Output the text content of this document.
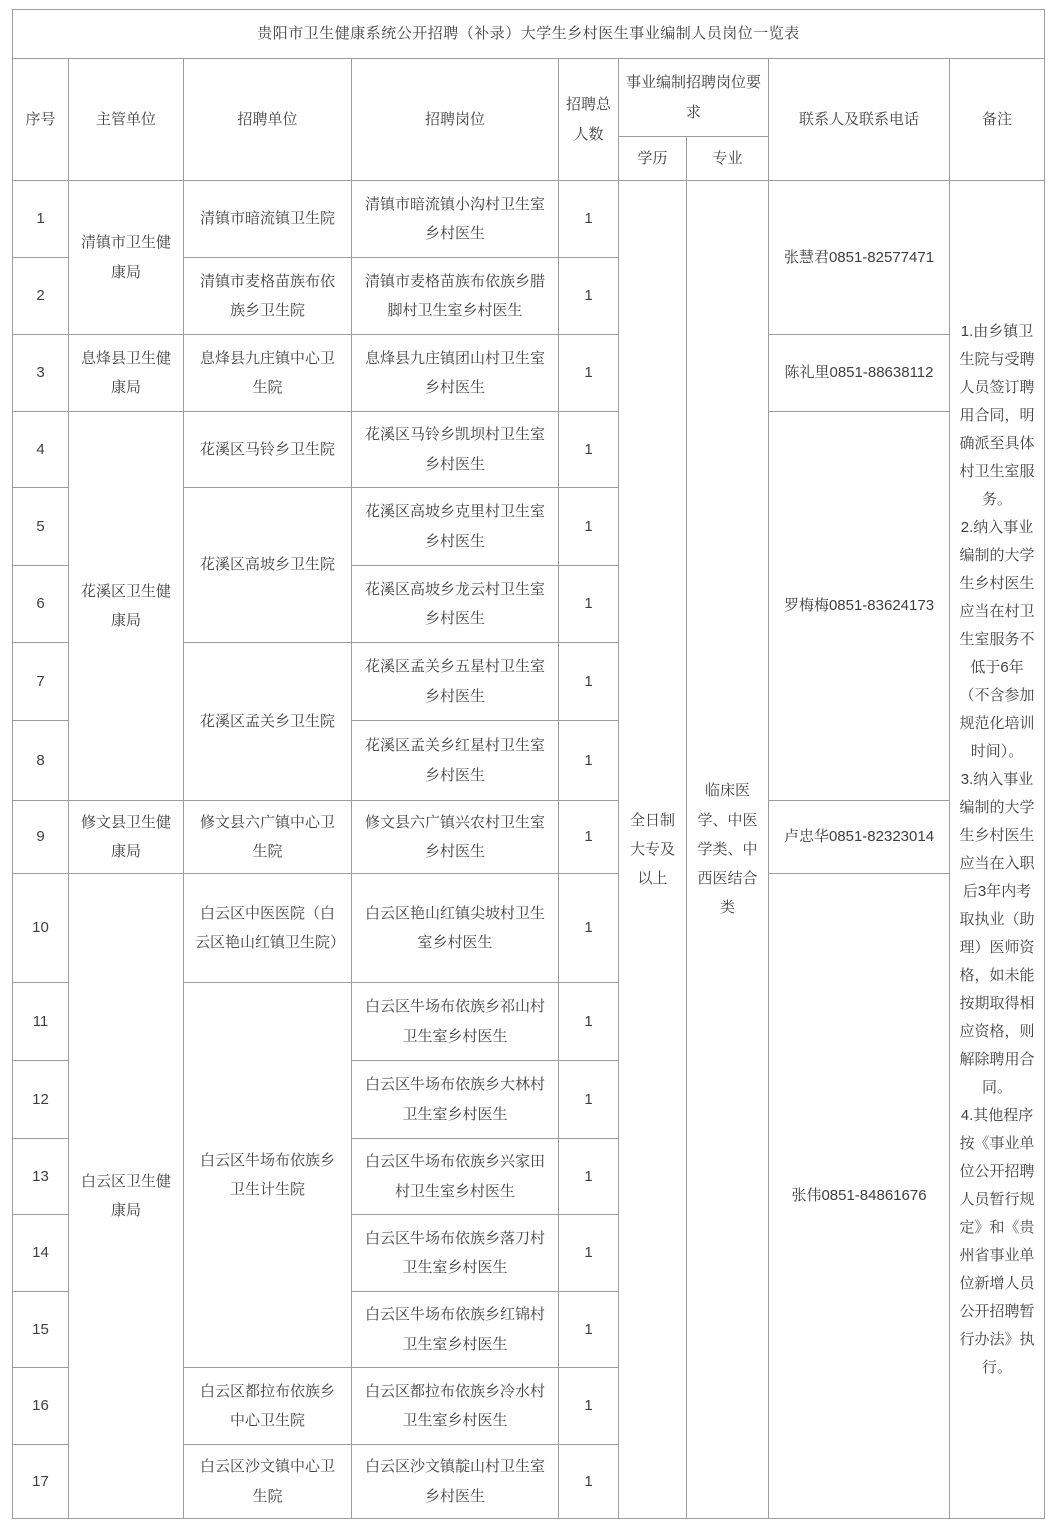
贵阳市卫生健康系统公开招聘（补录）大学生乡村医生事业编制人员岗位一览表								
序号	主管单位	招聘单位	招聘岗位	招聘总人数	事业编制招聘岗位要求		联系人及联系电话	备注
					学历	专业		
1	清镇市卫生健康局	清镇市暗流镇卫生院	清镇市暗流镇小沟村卫生室乡村医生	1	全日制大专及以上	临床医学、中医学类、中西医结合类	张慧君0851-82577471	1.由乡镇卫生院与受聘人员签订聘用合同，明确派至具体村卫生室服务。
2.纳入事业编制的大学生乡村医生应当在村卫生室服务不低于6年（不含参加规范化培训时间）。
3.纳入事业编制的大学生乡村医生应当在入职后3年内考取执业（助理）医师资格，如未能按期取得相应资格，则解除聘用合同。
4.其他程序按《事业单位公开招聘人员暂行规定》和《贵州省事业单位新增人员公开招聘暂行办法》执行。

2		清镇市麦格苗族布依族乡卫生院	清镇市麦格苗族布依族乡腊脚村卫生室乡村医生	1				
3	息烽县卫生健康局	息烽县九庄镇中心卫生院	息烽县九庄镇团山村卫生室乡村医生	1			陈礼里0851-88638112	
4	花溪区卫生健康局	花溪区马铃乡卫生院	花溪区马铃乡凯坝村卫生室乡村医生	1			罗梅梅0851-83624173	
5		花溪区高坡乡卫生院	花溪区高坡乡克里村卫生室乡村医生	1				
6			花溪区高坡乡龙云村卫生室乡村医生	1				
7		花溪区孟关乡卫生院	花溪区孟关乡五星村卫生室乡村医生	1				
8			花溪区孟关乡红星村卫生室乡村医生	1				
9	修文县卫生健康局	修文县六广镇中心卫生院	修文县六广镇兴农村卫生室乡村医生	1			卢忠华0851-82323014	
10	白云区卫生健康局	白云区中医医院（白云区艳山红镇卫生院）	白云区艳山红镇尖坡村卫生室乡村医生	1			张伟0851-84861676	
11		白云区牛场布依族乡卫生计生院	白云区牛场布依族乡祁山村卫生室乡村医生	1				
12			白云区牛场布依族乡大林村卫生室乡村医生	1				
13			白云区牛场布依族乡兴家田村卫生室乡村医生	1				
14			白云区牛场布依族乡落刀村卫生室乡村医生	1				
15			白云区牛场布依族乡红锦村卫生室乡村医生	1				
16		白云区都拉布依族乡中心卫生院	白云区都拉布依族乡冷水村卫生室乡村医生	1				
17		白云区沙文镇中心卫生院	白云区沙文镇靛山村卫生室乡村医生	1				
